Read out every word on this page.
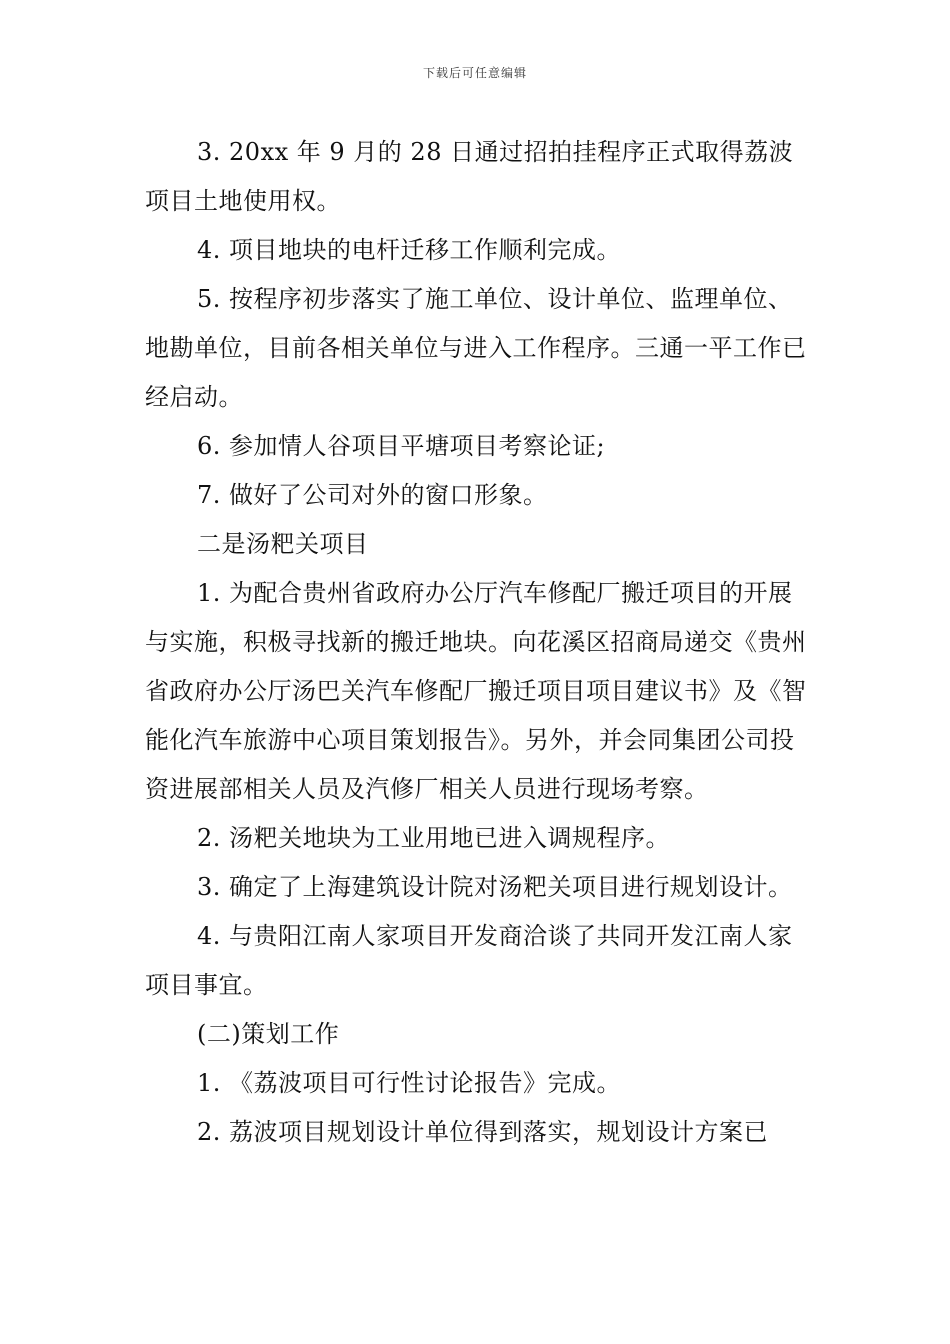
下载后可任意编辑

3. 20xx 年 9 月的 28 日通过招拍挂程序正式取得荔波项目土地使用权。

4. 项目地块的电杆迁移工作顺利完成。

5. 按程序初步落实了施工单位、设计单位、监理单位、地勘单位，目前各相关单位与进入工作程序。三通一平工作已经启动。

6. 参加情人谷项目平塘项目考察论证;

7. 做好了公司对外的窗口形象。

二是汤粑关项目

1. 为配合贵州省政府办公厅汽车修配厂搬迁项目的开展与实施，积极寻找新的搬迁地块。向花溪区招商局递交《贵州省政府办公厅汤巴关汽车修配厂搬迁项目项目建议书》及《智能化汽车旅游中心项目策划报告》。另外，并会同集团公司投资进展部相关人员及汽修厂相关人员进行现场考察。

2. 汤粑关地块为工业用地已进入调规程序。

3. 确定了上海建筑设计院对汤粑关项目进行规划设计。

4. 与贵阳江南人家项目开发商洽谈了共同开发江南人家项目事宜。

(二)策划工作

1. 《荔波项目可行性讨论报告》完成。

2. 荔波项目规划设计单位得到落实，规划设计方案已
